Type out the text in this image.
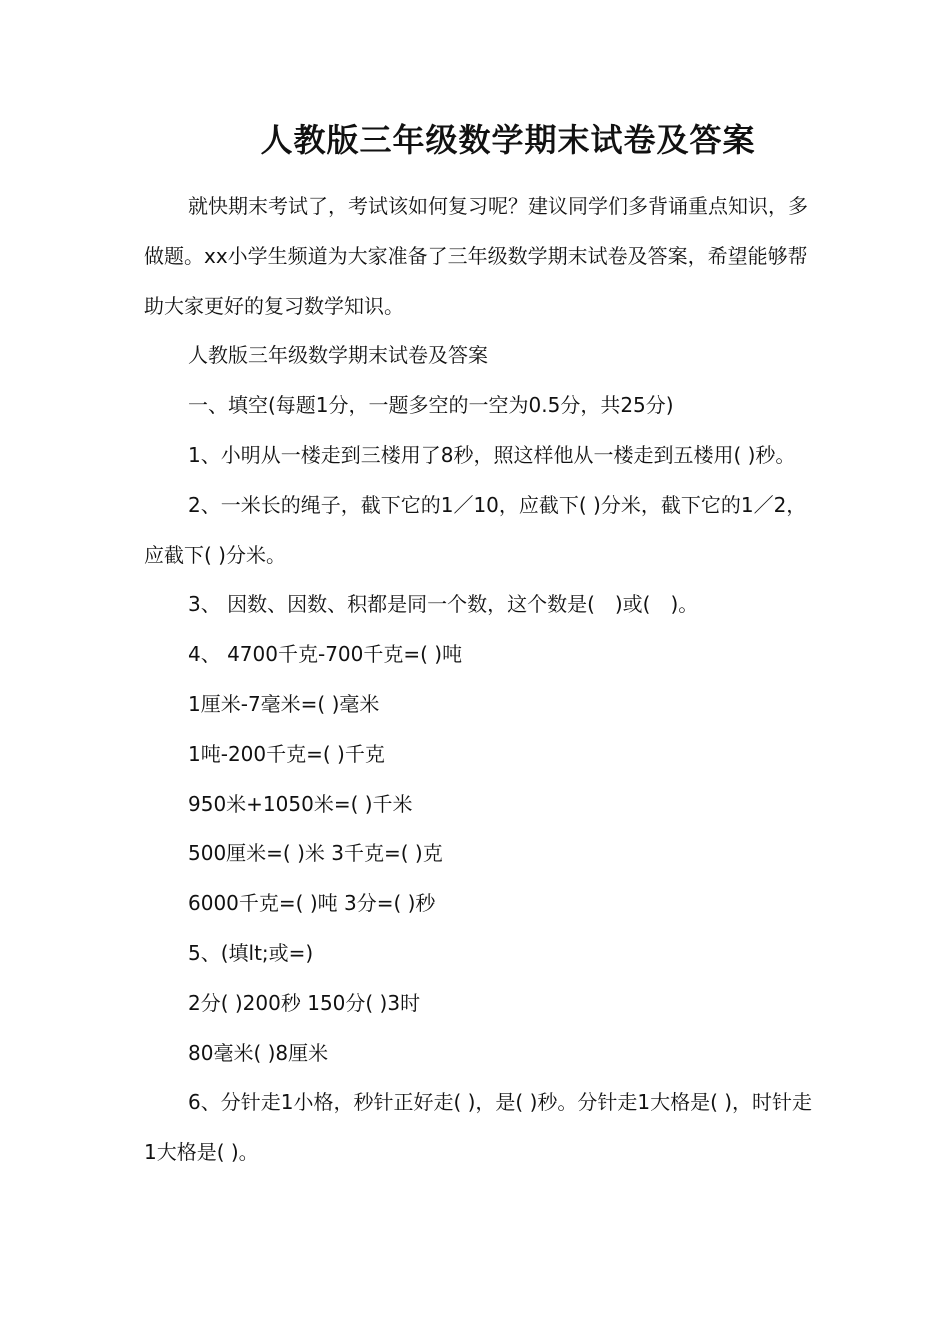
人教版三年级数学期末试卷及答案

就快期末考试了，考试该如何复习呢？建议同学们多背诵重点知识，多做题。xx小学生频道为大家准备了三年级数学期末试卷及答案，希望能够帮助大家更好的复习数学知识。

人教版三年级数学期末试卷及答案

一、填空(每题1分，一题多空的一空为0.5分，共25分)

1、小明从一楼走到三楼用了8秒，照这样他从一楼走到五楼用( )秒。

2、一米长的绳子，截下它的1／10，应截下( )分米，截下它的1／2，应截下( )分米。

3、 因数、因数、积都是同一个数，这个数是(　)或(　)。

4、 4700千克-700千克=( )吨

1厘米-7毫米=( )毫米

1吨-200千克=( )千克

950米+1050米=( )千米

500厘米=( )米 3千克=( )克

6000千克=( )吨 3分=( )秒

5、(填lt;或=)

2分( )200秒 150分( )3时

80毫米( )8厘米

6、分针走1小格，秒针正好走( )，是( )秒。分针走1大格是( )，时针走1大格是( )。
